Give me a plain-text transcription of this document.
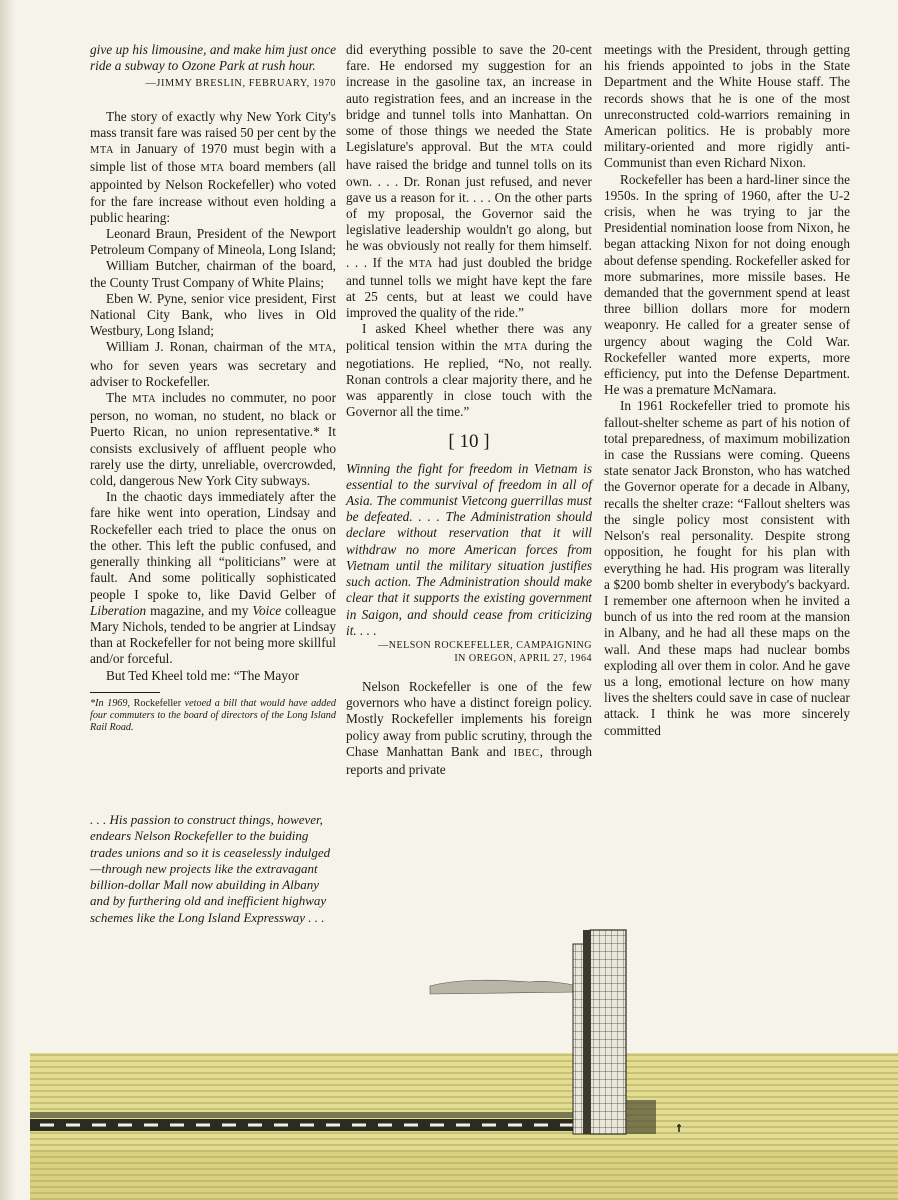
give up his limousine, and make him just once ride a subway to Ozone Park at rush hour.

—JIMMY BRESLIN, FEBRUARY, 1970

The story of exactly why New York City's mass transit fare was raised 50 per cent by the MTA in January of 1970 must begin with a simple list of those MTA board members (all appointed by Nelson Rockefeller) who voted for the fare increase without even holding a public hearing:

Leonard Braun, President of the Newport Petroleum Company of Mineola, Long Island;

William Butcher, chairman of the board, the County Trust Company of White Plains;

Eben W. Pyne, senior vice president, First National City Bank, who lives in Old Westbury, Long Island;

William J. Ronan, chairman of the MTA, who for seven years was secretary and adviser to Rockefeller.

The MTA includes no commuter, no poor person, no woman, no student, no black or Puerto Rican, no union representative.* It consists exclusively of affluent people who rarely use the dirty, unreliable, overcrowded, cold, dangerous New York City subways.

In the chaotic days immediately after the fare hike went into operation, Lindsay and Rockefeller each tried to place the onus on the other. This left the public confused, and generally thinking all “politicians” were at fault. And some politically sophisticated people I spoke to, like David Gelber of Liberation magazine, and my Voice colleague Mary Nichols, tended to be angrier at Lindsay than at Rockefeller for not being more skillful and/or forceful.

But Ted Kheel told me: “The Mayor

*In 1969, Rockefeller vetoed a bill that would have added four commuters to the board of directors of the Long Island Rail Road.

did everything possible to save the 20-cent fare. He endorsed my suggestion for an increase in the gasoline tax, an increase in auto registration fees, and an increase in the bridge and tunnel tolls into Manhattan. On some of those things we needed the State Legislature's approval. But the MTA could have raised the bridge and tunnel tolls on its own. . . . Dr. Ronan just refused, and never gave us a reason for it. . . . On the other parts of my proposal, the Governor said the legislative leadership wouldn't go along, but he was obviously not really for them himself. . . . If the MTA had just doubled the bridge and tunnel tolls we might have kept the fare at 25 cents, but at least we could have improved the quality of the ride.”

I asked Kheel whether there was any political tension within the MTA during the negotiations. He replied, “No, not really. Ronan controls a clear majority there, and he was apparently in close touch with the Governor all the time.”

[ 10 ]

Winning the fight for freedom in Vietnam is essential to the survival of freedom in all of Asia. The communist Vietcong guerrillas must be defeated. . . . The Administration should declare without reservation that it will withdraw no more American forces from Vietnam until the military situation justifies such action. The Administration should make clear that it supports the existing government in Saigon, and should cease from criticizing it. . . .

—NELSON ROCKEFELLER, CAMPAIGNING
IN OREGON, APRIL 27, 1964

Nelson Rockefeller is one of the few governors who have a distinct foreign policy. Mostly Rockefeller implements his foreign policy away from public scrutiny, through the Chase Manhattan Bank and IBEC, through reports and private

meetings with the President, through getting his friends appointed to jobs in the State Department and the White House staff. The records shows that he is one of the most unreconstructed cold-warriors remaining in American politics. He is probably more military-oriented and more rigidly anti-Communist than even Richard Nixon.

Rockefeller has been a hard-liner since the 1950s. In the spring of 1960, after the U-2 crisis, when he was trying to jar the Presidential nomination loose from Nixon, he began attacking Nixon for not doing enough about defense spending. Rockefeller asked for more submarines, more missile bases. He demanded that the government spend at least three billion dollars more for modern weaponry. He called for a greater sense of urgency about waging the Cold War. Rockefeller wanted more experts, more efficiency, put into the Defense Department. He was a premature McNamara.

In 1961 Rockefeller tried to promote his fallout-shelter scheme as part of his notion of total preparedness, of maximum mobilization in case the Russians were coming. Queens state senator Jack Bronston, who has watched the Governor operate for a decade in Albany, recalls the shelter craze: “Fallout shelters was the single policy most consistent with Nelson's real personality. Despite strong opposition, he fought for his plan with everything he had. His program was literally a $200 bomb shelter in everybody's backyard. I remember one afternoon when he invited a bunch of us into the red room at the mansion in Albany, and he had all these maps on the wall. And these maps had nuclear bombs exploding all over them in color. And he gave us a long, emotional lecture on how many lives the shelters could save in case of nuclear attack. I think he was more sincerely committed

. . . His passion to construct things, however, endears Nelson Rockefeller to the buiding trades unions and so it is ceaselessly indulged—through new projects like the extravagant billion-dollar Mall now abuilding in Albany and by furthering old and inefficient highway schemes like the Long Island Expressway . . .
